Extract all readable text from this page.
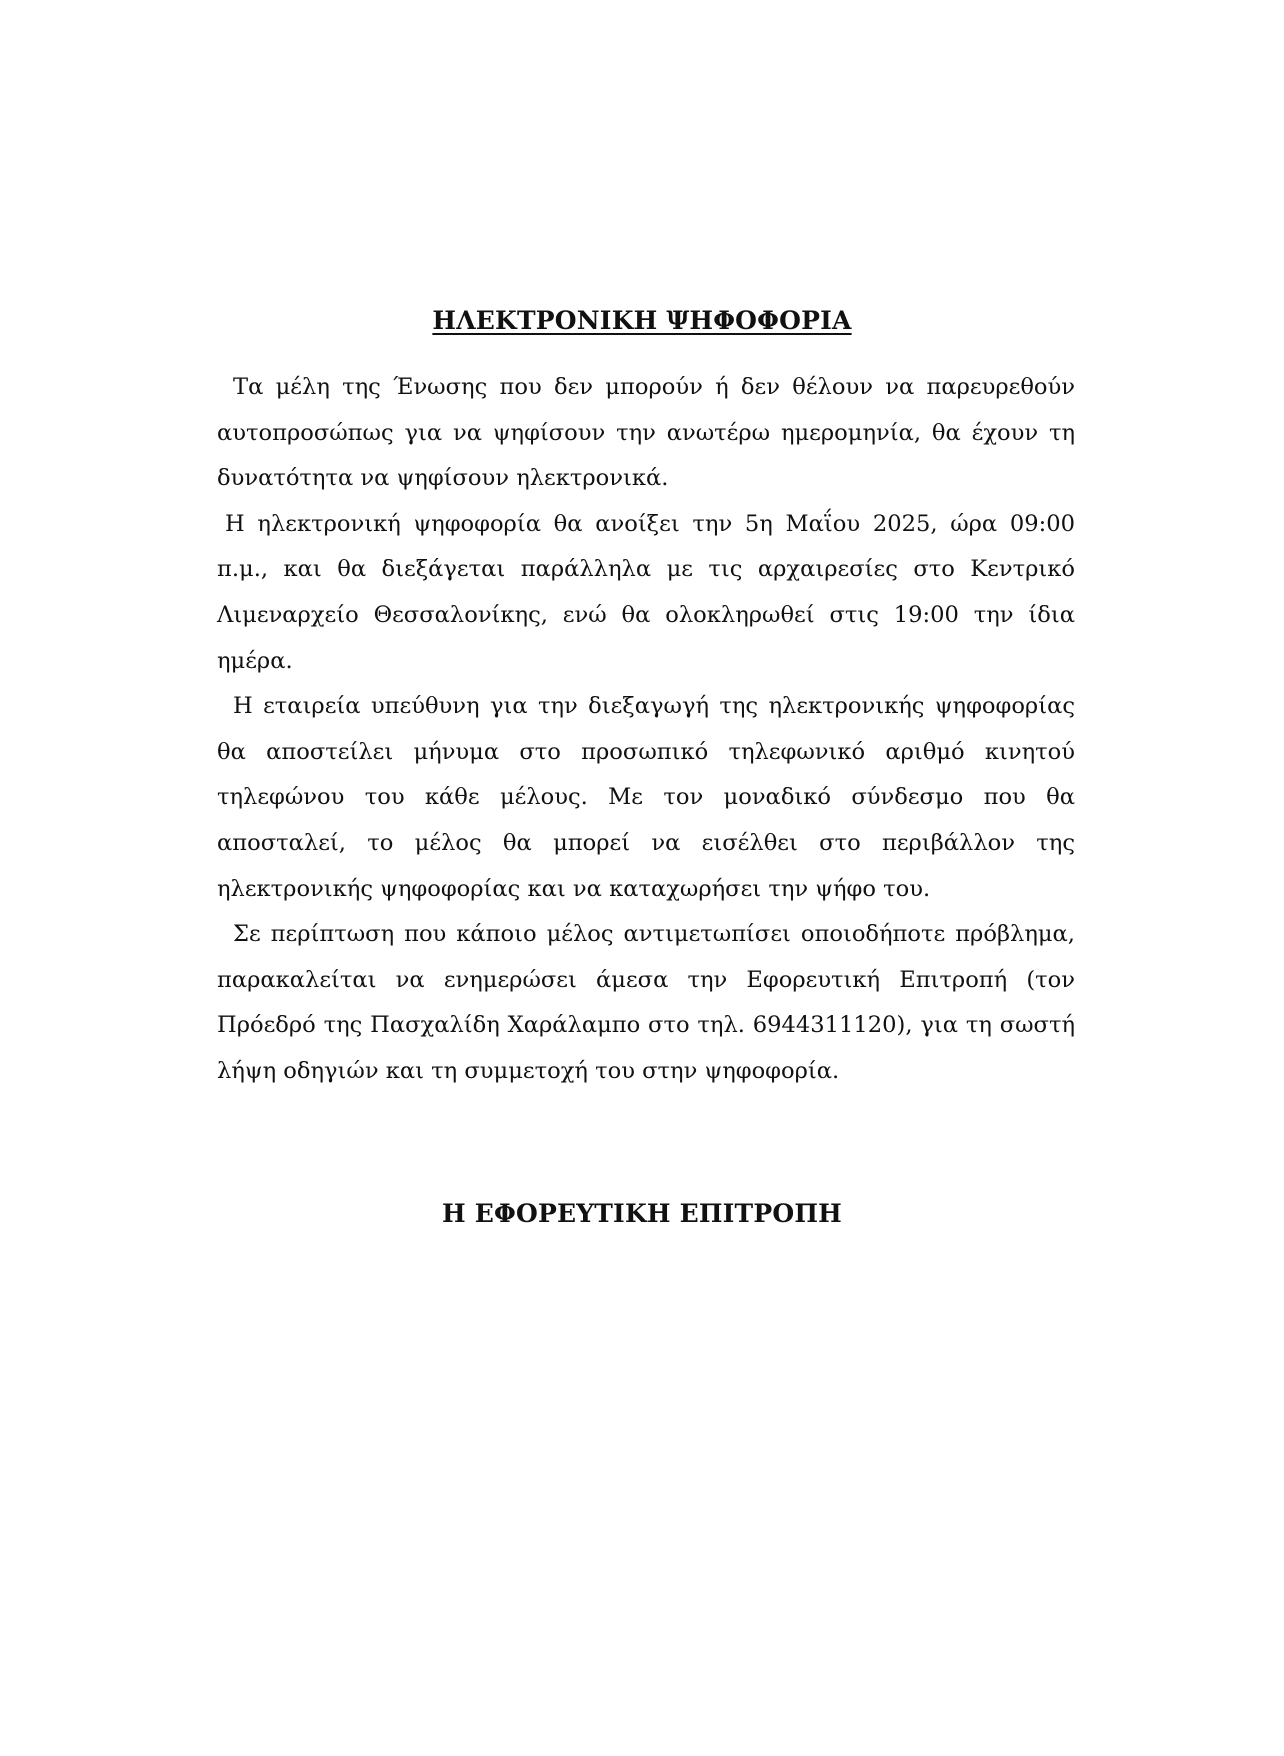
ΗΛΕΚΤΡΟΝΙΚΗ ΨΗΦΟΦΟΡΙΑ

Τα μέλη της Ένωσης που δεν μπορούν ή δεν θέλουν να παρευρεθούν αυτοπροσώπως για να ψηφίσουν την ανωτέρω ημερομηνία, θα έχουν τη δυνατότητα να ψηφίσουν ηλεκτρονικά.

Η ηλεκτρονική ψηφοφορία θα ανοίξει την 5η Μαΐου 2025, ώρα 09:00 π.μ., και θα διεξάγεται παράλληλα με τις αρχαιρεσίες στο Κεντρικό Λιμεναρχείο Θεσσαλονίκης, ενώ θα ολοκληρωθεί στις 19:00 την ίδια ημέρα.

Η εταιρεία υπεύθυνη για την διεξαγωγή της ηλεκτρονικής ψηφοφορίας θα αποστείλει μήνυμα στο προσωπικό τηλεφωνικό αριθμό κινητού τηλεφώνου του κάθε μέλους. Με τον μοναδικό σύνδεσμο που θα αποσταλεί, το μέλος θα μπορεί να εισέλθει στο περιβάλλον της ηλεκτρονικής ψηφοφορίας και να καταχωρήσει την ψήφο του.

Σε περίπτωση που κάποιο μέλος αντιμετωπίσει οποιοδήποτε πρόβλημα, παρακαλείται να ενημερώσει άμεσα την Εφορευτική Επιτροπή (τον Πρόεδρό της Πασχαλίδη Χαράλαμπο στο τηλ. 6944311120), για τη σωστή λήψη οδηγιών και τη συμμετοχή του στην ψηφοφορία.

Η ΕΦΟΡΕΥΤΙΚΗ ΕΠΙΤΡΟΠΗ
